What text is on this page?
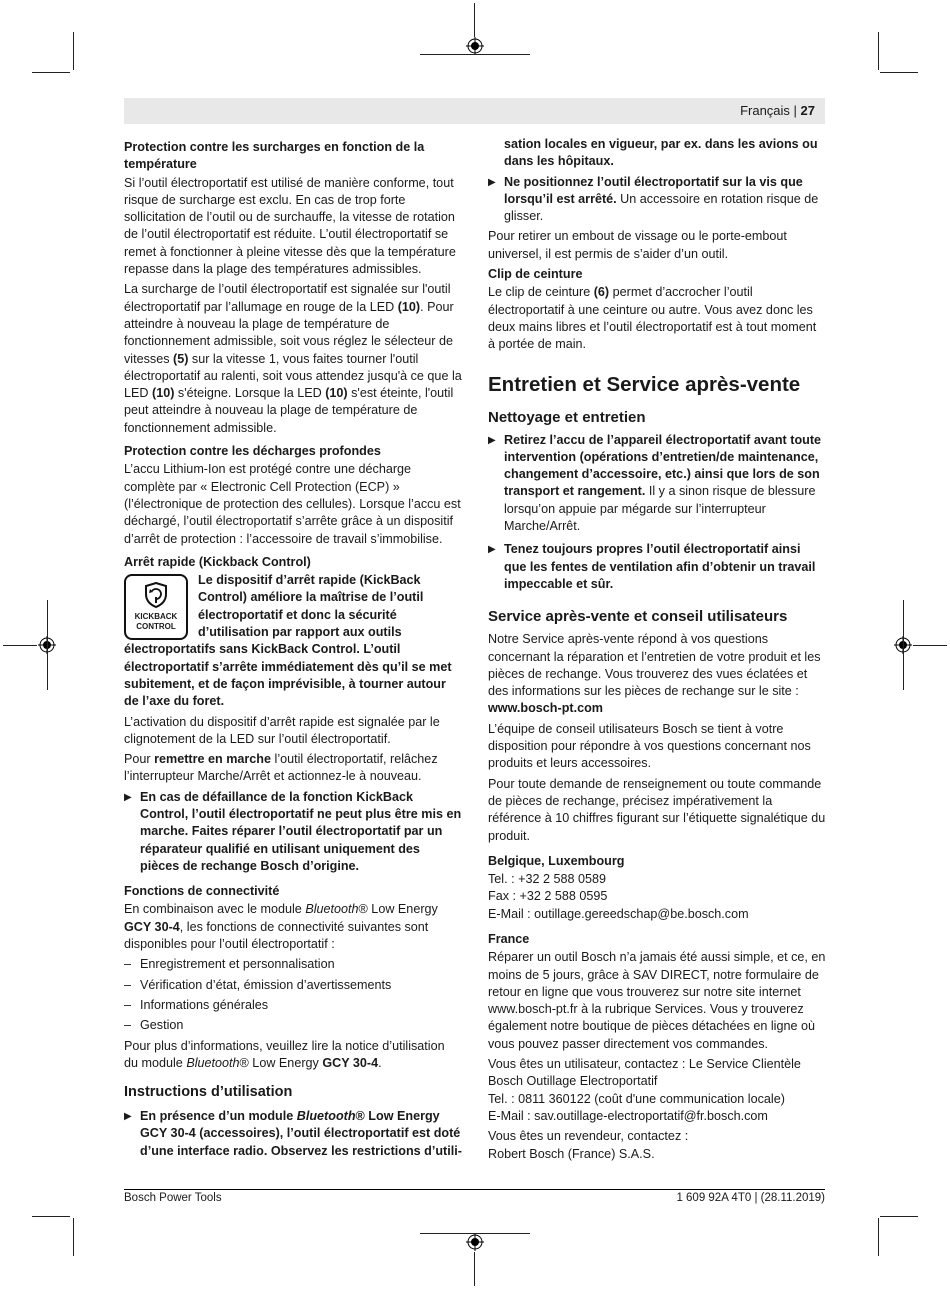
Français | 27
Protection contre les surcharges en fonction de la température

Si l’outil électroportatif est utilisé de manière conforme, tout risque de surcharge est exclu. En cas de trop forte sollicitation de l’outil ou de surchauffe, la vitesse de rotation de l’outil électroportatif est réduite. L’outil électroportatif se remet à fonctionner à pleine vitesse dès que la température repasse dans la plage des températures admissibles.

La surcharge de l’outil électroportatif est signalée sur l'outil électroportatif par l’allumage en rouge de la LED (10). Pour atteindre à nouveau la plage de température de fonctionnement admissible, soit vous réglez le sélecteur de vitesses (5) sur la vitesse 1, vous faites tourner l'outil électroportatif au ralenti, soit vous attendez jusqu'à ce que la LED (10) s'éteigne. Lorsque la LED (10) s'est éteinte, l'outil peut atteindre à nouveau la plage de température de fonctionnement admissible.

Protection contre les décharges profondes

L’accu Lithium-Ion est protégé contre une décharge complète par « Electronic Cell Protection (ECP) » (l’électronique de protection des cellules). Lorsque l’accu est déchargé, l’outil électroportatif s’arrête grâce à un dispositif d’arrêt de protection : l’accessoire de travail s’immobilise.

Arrêt rapide (Kickback Control)
KICKBACK
CONTROL

Le dispositif d’arrêt rapide (KickBack Control) améliore la maîtrise de l’outil électroportatif et donc la sécurité d’utilisation par rapport aux outils électroportatifs sans KickBack Control. L’outil électroportatif s’arrête immédiatement dès qu’il se met subitement, et de façon imprévisible, à tourner autour de l’axe du foret.

L’activation du dispositif d’arrêt rapide est signalée par le clignotement de la LED sur l’outil électroportatif.

Pour remettre en marche l’outil électroportatif, relâchez l’interrupteur Marche/Arrêt et actionnez-le à nouveau.

▶ En cas de défaillance de la fonction KickBack Control, l’outil électroportatif ne peut plus être mis en marche. Faites réparer l’outil électroportatif par un réparateur qualifié en utilisant uniquement des pièces de rechange Bosch d’origine.
Fonctions de connectivité

En combinaison avec le module Bluetooth® Low Energy GCY 30-4, les fonctions de connectivité suivantes sont disponibles pour l’outil électroportatif :

– Enregistrement et personnalisation
– Vérification d’état, émission d’avertissements
– Informations générales
– Gestion

Pour plus d’informations, veuillez lire la notice d’utilisation du module Bluetooth® Low Energy GCY 30-4.

Instructions d’utilisation
▶ En présence d’un module Bluetooth® Low Energy GCY 30-4 (accessoires), l’outil électroportatif est doté d’une interface radio. Observez les restrictions d’utili-

sation locales en vigueur, par ex. dans les avions ou dans les hôpitaux.

▶ Ne positionnez l’outil électroportatif sur la vis que lorsqu’il est arrêté. Un accessoire en rotation risque de glisser.

Pour retirer un embout de vissage ou le porte-embout universel, il est permis de s’aider d’un outil.

Clip de ceinture

Le clip de ceinture (6) permet d’accrocher l’outil électroportatif à une ceinture ou autre. Vous avez donc les deux mains libres et l’outil électroportatif est à tout moment à portée de main.

Entretien et Service après-vente
Nettoyage et entretien
▶ Retirez l’accu de l’appareil électroportatif avant toute intervention (opérations d’entretien/de maintenance, changement d’accessoire, etc.) ainsi que lors de son transport et rangement. Il y a sinon risque de blessure lorsqu’on appuie par mégarde sur l’interrupteur Marche/Arrêt.
▶ Tenez toujours propres l’outil électroportatif ainsi que les fentes de ventilation afin d’obtenir un travail impeccable et sûr.
Service après-vente et conseil utilisateurs

Notre Service après-vente répond à vos questions concernant la réparation et l’entretien de votre produit et les pièces de rechange. Vous trouverez des vues éclatées et des informations sur les pièces de rechange sur le site : www.bosch-pt.com

L’équipe de conseil utilisateurs Bosch se tient à votre disposition pour répondre à vos questions concernant nos produits et leurs accessoires.

Pour toute demande de renseignement ou toute commande de pièces de rechange, précisez impérativement la référence à 10 chiffres figurant sur l’étiquette signalétique du produit.

Belgique, Luxembourg
Tel. : +32 2 588 0589
Fax : +32 2 588 0595
E-Mail : outillage.gereedschap@be.bosch.com
France

Réparer un outil Bosch n’a jamais été aussi simple, et ce, en moins de 5 jours, grâce à SAV DIRECT, notre formulaire de retour en ligne que vous trouverez sur notre site internet www.bosch-pt.fr à la rubrique Services. Vous y trouverez également notre boutique de pièces détachées en ligne où vous pouvez passer directement vos commandes.

Vous êtes un utilisateur, contactez : Le Service Clientèle
Bosch Outillage Electroportatif
Tel. : 0811 360122 (coût d'une communication locale)
E-Mail : sav.outillage-electroportatif@fr.bosch.com

Vous êtes un revendeur, contactez :
Robert Bosch (France) S.A.S.

Bosch Power Tools	1 609 92A 4T0 | (28.11.2019)
